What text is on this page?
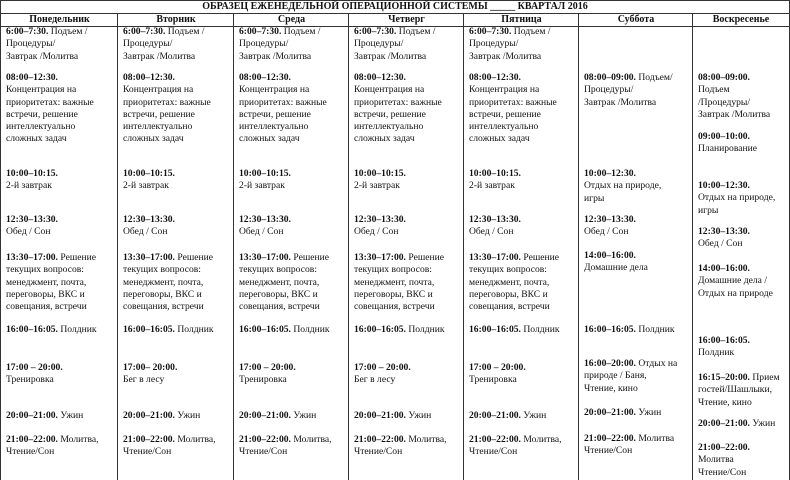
ОБРАЗЕЦ ЕЖЕНЕДЕЛЬНОЙ ОПЕРАЦИОННОЙ СИСТЕМЫ _____ КВАРТАЛ 2016
Понедельник
6:00–7:30. Подъем /
Процедуры/
Завтрак /Молитва
08:00–12:30.
Концентрация на
приоритетах: важные
встречи, решение
интеллектуально
сложных задач
10:00–10:15.
2-й завтрак
12:30–13:30.
Обед / Сон
13:30–17:00. Решение
текущих вопросов:
менеджмент, почта,
переговоры, ВКС и
совещания, встречи
16:00–16:05. Полдник
17:00 – 20:00.
Тренировка
20:00–21:00. Ужин
21:00–22:00. Молитва,
Чтение/Сон
Вторник
6:00–7:30. Подъем /
Процедуры/
Завтрак /Молитва
08:00–12:30.
Концентрация на
приоритетах: важные
встречи, решение
интеллектуально
сложных задач
10:00–10:15.
2-й завтрак
12:30–13:30.
Обед / Сон
13:30–17:00. Решение
текущих вопросов:
менеджмент, почта,
переговоры, ВКС и
совещания, встречи
16:00–16:05. Полдник
17:00– 20:00.
Бег в лесу
20:00–21:00. Ужин
21:00–22:00. Молитва,
Чтение/Сон
Среда
6:00–7:30. Подъем /
Процедуры/
Завтрак /Молитва
08:00–12:30.
Концентрация на
приоритетах: важные
встречи, решение
интеллектуально
сложных задач
10:00–10:15.
2-й завтрак
12:30–13:30.
Обед / Сон
13:30–17:00. Решение
текущих вопросов:
менеджмент, почта,
переговоры, ВКС и
совещания, встречи
16:00–16:05. Полдник
17:00 – 20:00.
Тренировка
20:00–21:00. Ужин
21:00–22:00. Молитва,
Чтение/Сон
Четверг
6:00–7:30. Подъем /
Процедуры/
Завтрак /Молитва
08:00–12:30.
Концентрация на
приоритетах: важные
встречи, решение
интеллектуально
сложных задач
10:00–10:15.
2-й завтрак
12:30–13:30.
Обед / Сон
13:30–17:00. Решение
текущих вопросов:
менеджмент, почта,
переговоры, ВКС и
совещания, встречи
16:00–16:05. Полдник
17:00 – 20:00.
Бег в лесу
20:00–21:00. Ужин
21:00–22:00. Молитва,
Чтение/Сон
Пятница
6:00–7:30. Подъем /
Процедуры/
Завтрак /Молитва
08:00–12:30.
Концентрация на
приоритетах: важные
встречи, решение
интеллектуально
сложных задач
10:00–10:15.
2-й завтрак
12:30–13:30.
Обед / Сон
13:30–17:00. Решение
текущих вопросов:
менеджмент, почта,
переговоры, ВКС и
совещания, встречи
16:00–16:05. Полдник
17:00 – 20:00.
Тренировка
20:00–21:00. Ужин
21:00–22:00. Молитва,
Чтение/Сон
Суббота
08:00–09:00. Подъем/
Процедуры/
Завтрак /Молитва
10:00–12:30.
Отдых на природе,
игры
12:30–13:30.
Обед / Сон
14:00–16:00.
Домашние дела
16:00–16:05. Полдник
16:00–20:00. Отдых на
природе / Баня,
Чтение, кино
20:00–21:00. Ужин
21:00–22:00. Молитва
Чтение/Сон
Воскресенье
08:00–09:00.
Подъем
/Процедуры/
Завтрак /Молитва
09:00–10:00.
Планирование
10:00–12:30.
Отдых на природе,
игры
12:30–13:30.
Обед / Сон
14:00–16:00.
Домашние дела /
Отдых на природе
16:00–16:05.
Полдник
16:15–20:00. Прием
гостей/Шашлыки,
Чтение, кино
20:00–21:00. Ужин
21:00–22:00.
Молитва
Чтение/Сон
